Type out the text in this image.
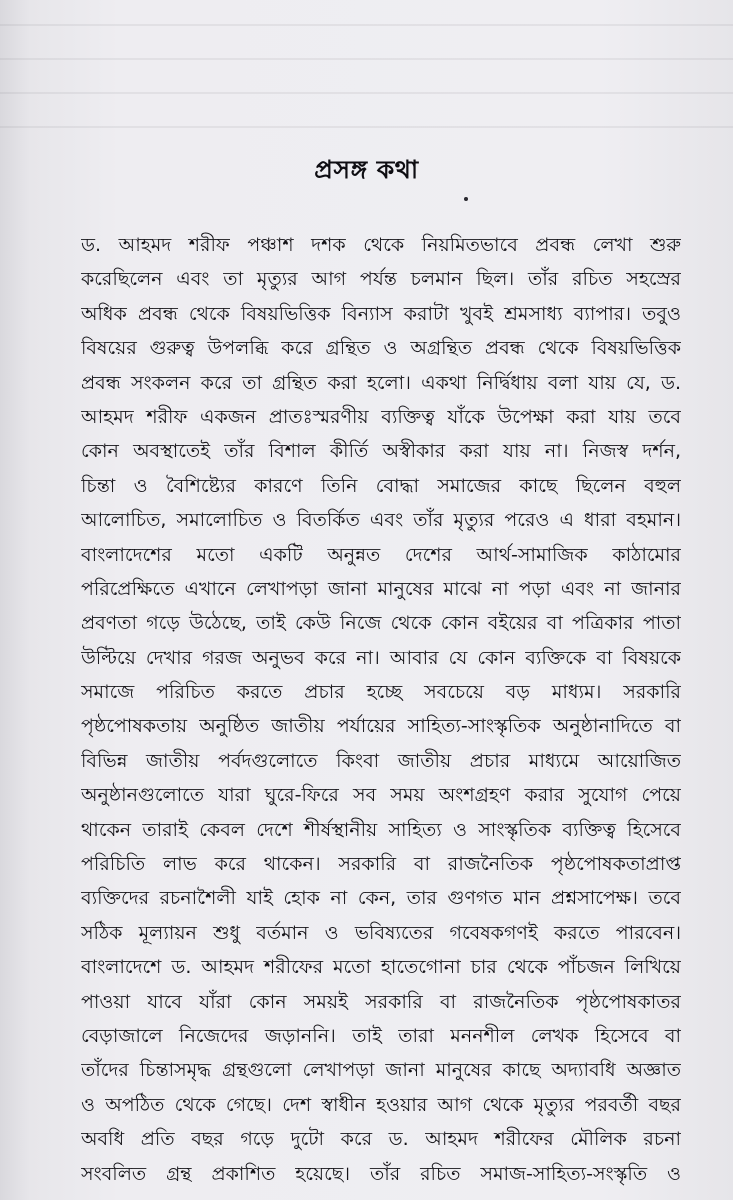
প্রসঙ্গ কথা
ড. আহমদ শরীফ পঞ্চাশ দশক থেকে নিয়মিতভাবে প্রবন্ধ লেখা শুরু
করেছিলেন এবং তা মৃত্যুর আগ পর্যন্ত চলমান ছিল। তাঁর রচিত সহস্রের
অধিক প্রবন্ধ থেকে বিষয়ভিত্তিক বিন্যাস করাটা খুবই শ্রমসাধ্য ব্যাপার। তবুও
বিষয়ের গুরুত্ব উপলব্ধি করে গ্রন্থিত ও অগ্রন্থিত প্রবন্ধ থেকে বিষয়ভিত্তিক
প্রবন্ধ সংকলন করে তা গ্রন্থিত করা হলো। একথা নির্দ্বিধায় বলা যায় যে, ড.
আহমদ শরীফ একজন প্রাতঃস্মরণীয় ব্যক্তিত্ব যাঁকে উপেক্ষা করা যায় তবে
কোন অবস্থাতেই তাঁর বিশাল কীর্তি অস্বীকার করা যায় না। নিজস্ব দর্শন,
চিন্তা ও বৈশিষ্ট্যের কারণে তিনি বোদ্ধা সমাজের কাছে ছিলেন বহুল
আলোচিত, সমালোচিত ও বিতর্কিত এবং তাঁর মৃত্যুর পরেও এ ধারা বহমান।
বাংলাদেশের মতো একটি অনুন্নত দেশের আর্থ-সামাজিক কাঠামোর
পরিপ্রেক্ষিতে এখানে লেখাপড়া জানা মানুষের মাঝে না পড়া এবং না জানার
প্রবণতা গড়ে উঠেছে, তাই কেউ নিজে থেকে কোন বইয়ের বা পত্রিকার পাতা
উল্টিয়ে দেখার গরজ অনুভব করে না। আবার যে কোন ব্যক্তিকে বা বিষয়কে
সমাজে পরিচিত করতে প্রচার হচ্ছে সবচেয়ে বড় মাধ্যম। সরকারি
পৃষ্ঠপোষকতায় অনুষ্ঠিত জাতীয় পর্যায়ের সাহিত্য-সাংস্কৃতিক অনুষ্ঠানাদিতে বা
বিভিন্ন জাতীয় পর্বদগুলোতে কিংবা জাতীয় প্রচার মাধ্যমে আয়োজিত
অনুষ্ঠানগুলোতে যারা ঘুরে-ফিরে সব সময় অংশগ্রহণ করার সুযোগ পেয়ে
থাকেন তারাই কেবল দেশে শীর্ষস্থানীয় সাহিত্য ও সাংস্কৃতিক ব্যক্তিত্ব হিসেবে
পরিচিতি লাভ করে থাকেন। সরকারি বা রাজনৈতিক পৃষ্ঠপোষকতাপ্রাপ্ত
ব্যক্তিদের রচনাশৈলী যাই হোক না কেন, তার গুণগত মান প্রশ্নসাপেক্ষ। তবে
সঠিক মূল্যায়ন শুধু বর্তমান ও ভবিষ্যতের গবেষকগণই করতে পারবেন।
বাংলাদেশে ড. আহমদ শরীফের মতো হাতেগোনা চার থেকে পাঁচজন লিখিয়ে
পাওয়া যাবে যাঁরা কোন সময়ই সরকারি বা রাজনৈতিক পৃষ্ঠপোষকাতর
বেড়াজালে নিজেদের জড়াননি। তাই তারা মননশীল লেখক হিসেবে বা
তাঁদের চিন্তাসমৃদ্ধ গ্রন্থগুলো লেখাপড়া জানা মানুষের কাছে অদ্যাবধি অজ্ঞাত
ও অপঠিত থেকে গেছে। দেশ স্বাধীন হওয়ার আগ থেকে মৃত্যুর পরবর্তী বছর
অবধি প্রতি বছর গড়ে দুটো করে ড. আহমদ শরীফের মৌলিক রচনা
সংবলিত গ্রন্থ প্রকাশিত হয়েছে। তাঁর রচিত সমাজ-সাহিত্য-সংস্কৃতি ও
